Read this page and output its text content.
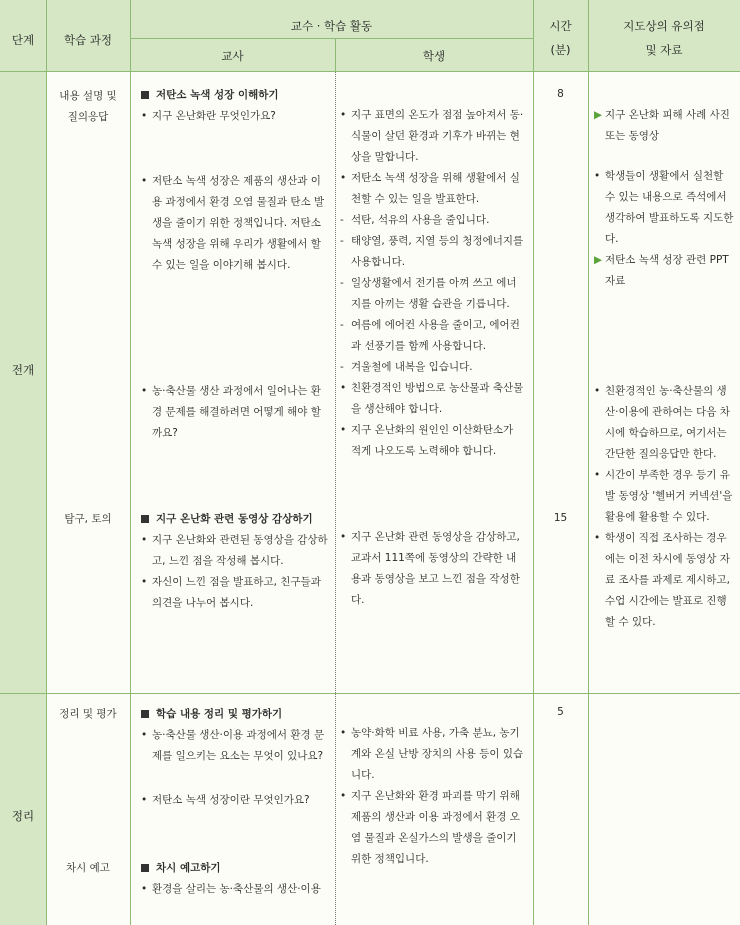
단계	학습 과정
교수 · 학습 활동
교사	학생
시간
(분)
지도상의 유의점
및 자료
전개
정리
내용 설명 및
질의응답
탐구, 토의
정리 및 평가
차시 예고
8
15
5
저탄소 녹색 성장 이해하기
• 지구 온난화란 무엇인가요?
• 저탄소 녹색 성장은 제품의 생산과 이용 과정에서 환경 오염 물질과 탄소 발생을 줄이기 위한 정책입니다. 저탄소 녹색 성장을 위해 우리가 생활에서 할 수 있는 일을 이야기해 봅시다.
• 농·축산물 생산 과정에서 일어나는 환경 문제를 해결하려면 어떻게 해야 할까요?
지구 온난화 관련 동영상 감상하기
• 지구 온난화와 관련된 동영상을 감상하고, 느낀 점을 작성해 봅시다.
• 자신이 느낀 점을 발표하고, 친구들과 의견을 나누어 봅시다.
학습 내용 정리 및 평가하기
• 농·축산물 생산·이용 과정에서 환경 문제를 일으키는 요소는 무엇이 있나요?
• 저탄소 녹색 성장이란 무엇인가요?
차시 예고하기
• 환경을 살리는 농·축산물의 생산·이용
• 지구 표면의 온도가 점점 높아져서 동·식물이 살던 환경과 기후가 바뀌는 현상을 말합니다.
• 저탄소 녹색 성장을 위해 생활에서 실천할 수 있는 일을 발표한다.
- 석탄, 석유의 사용을 줄입니다.
- 태양열, 풍력, 지열 등의 청정에너지를 사용합니다.
- 일상생활에서 전기를 아껴 쓰고 에너지를 아끼는 생활 습관을 기릅니다.
- 여름에 에어컨 사용을 줄이고, 에어컨과 선풍기를 함께 사용합니다.
- 겨울철에 내복을 입습니다.
• 친환경적인 방법으로 농산물과 축산물을 생산해야 합니다.
• 지구 온난화의 원인인 이산화탄소가 적게 나오도록 노력해야 합니다.
• 지구 온난화 관련 동영상을 감상하고, 교과서 111쪽에 동영상의 간략한 내용과 동영상을 보고 느낀 점을 작성한다.
• 농약·화학 비료 사용, 가축 분뇨, 농기계와 온실 난방 장치의 사용 등이 있습니다.
• 지구 온난화와 환경 파괴를 막기 위해 제품의 생산과 이용 과정에서 환경 오염 물질과 온실가스의 발생을 줄이기 위한 정책입니다.
▶ 지구 온난화 피해 사례 사진 또는 동영상
• 학생들이 생활에서 실천할 수 있는 내용으로 즉석에서 생각하여 발표하도록 지도한다.
▶ 저탄소 녹색 성장 관련 PPT 자료
• 친환경적인 농·축산물의 생산·이용에 관하여는 다음 차시에 학습하므로, 여기서는 간단한 질의응답만 한다.
• 시간이 부족한 경우 등기 유발 동영상 '헬버거 커넥션'을 활용에 활용할 수 있다.
• 학생이 직접 조사하는 경우에는 이전 차시에 동영상 자료 조사를 과제로 제시하고, 수업 시간에는 발표로 진행할 수 있다.
